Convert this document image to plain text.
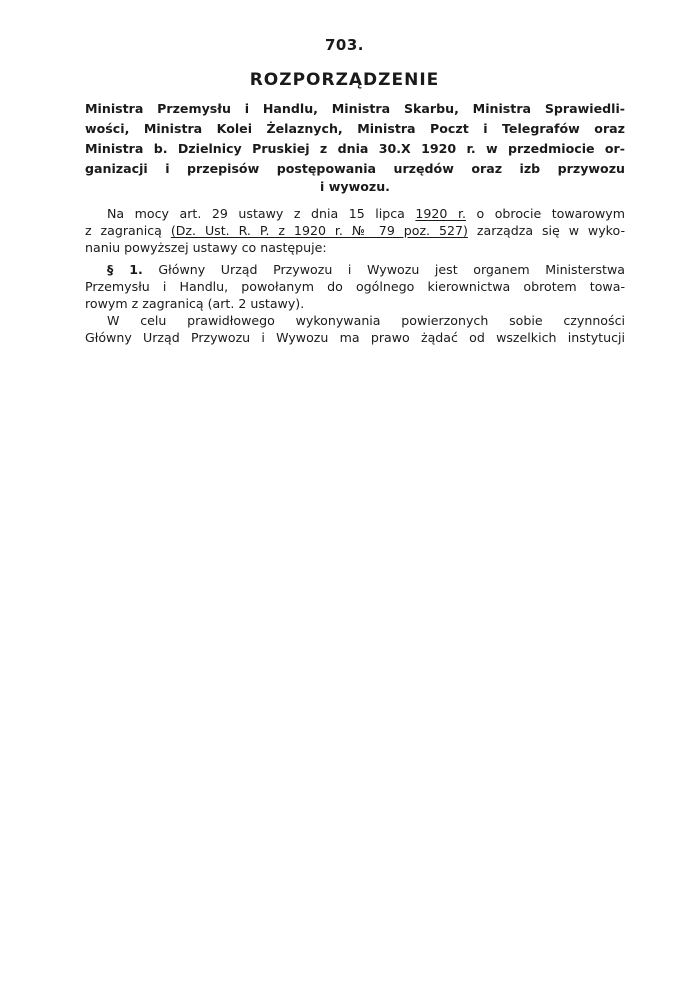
703.
ROZPORZĄDZENIE

Ministra Przemysłu i Handlu, Ministra Skarbu, Ministra Sprawiedli-

wości, Ministra Kolei Żelaznych, Ministra Poczt i Telegrafów oraz

Ministra b. Dzielnicy Pruskiej z dnia 30.X 1920 r. w przedmiocie or-

ganizacji i przepisów postępowania urzędów oraz izb przywozu

i wywozu.

Na mocy art. 29 ustawy z dnia 15 lipca 1920 r. o obrocie towarowym

z zagranicą (Dz. Ust. R. P. z 1920 r. № 79 poz. 527) zarządza się w wyko-

naniu powyższej ustawy co następuje:

§ 1. Główny Urząd Przywozu i Wywozu jest organem Ministerstwa

Przemysłu i Handlu, powołanym do ogólnego kierownictwa obrotem towa-

rowym z zagranicą (art. 2 ustawy).

W celu prawidłowego wykonywania powierzonych sobie czynności

Główny Urząd Przywozu i Wywozu ma prawo żądać od wszelkich instytucji
